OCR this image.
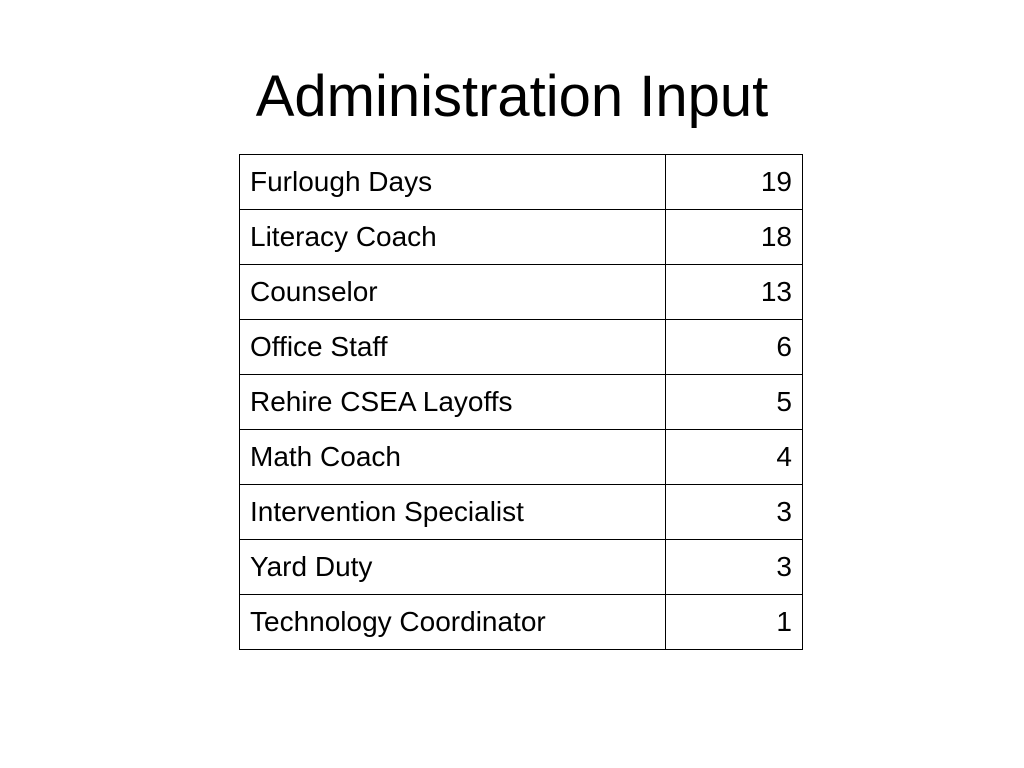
Administration Input
Furlough Days	19
Literacy Coach	18
Counselor	13
Office Staff	6
Rehire CSEA Layoffs	5
Math Coach	4
Intervention Specialist	3
Yard Duty	3
Technology Coordinator	1
